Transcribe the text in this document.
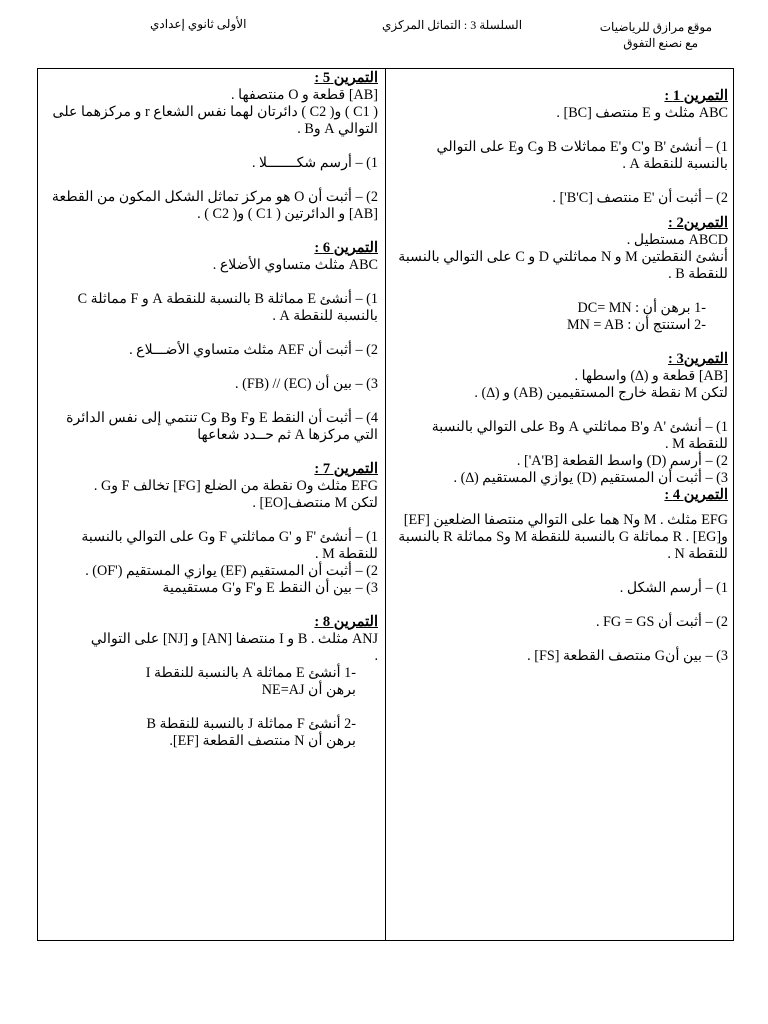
موقع مرازق للرياضيات
مع نصنع التفوق
السلسلة 3 : التماثل المركزي
الأولى ثانوي إعدادي
التمرين 1 :
ABC مثلث و E منتصف [BC] .
1) – أنشئ 'B و'C و'E مماثلات B وC وE على التوالي بالنسبة للنقطة A .
2) – أثبت أن 'E منتصف [B'C'] .
التمرين2 :
ABCD مستطيل .
أنشئ النقطتين M و N مماثلتي D و C على التوالي بالنسبة للنقطة B .
-1 برهن أن : DC= MN
-2 استنتج أن : MN = AB
التمرين3 :
[AB] قطعة و (∆) واسطها .
لتكن M نقطة خارج المستقيمين (AB) و (∆) .
1) – أنشئ 'A و'B مماثلتي A وB على التوالي بالنسبة للنقطة M .
2) – أرسم (D) واسط القطعة [A'B'] .
3) – أثبت أن المستقيم (D) يوازي المستقيم (∆) .
التمرين 4 :
EFG مثلث . M وN هما على التوالي منتصفا الضلعين [EF] و[EG] . R مماثلة G بالنسبة للنقطة M وS مماثلة R بالنسبة للنقطة N .
1) – أرسم الشكل .
2) – أثبت أن FG = GS .
3) – بين أنG منتصف القطعة [FS] .
التمرين 5 :
[AB] قطعة و O منتصفها .
( C1 ) و( C2 ) دائرتان لهما نفس الشعاع r و مركزهما على التوالي A وB .
1) – أرسم شكـــــــلا .
2) – أثبت أن O هو مركز تماثل الشكل المكون من القطعة [AB] و الدائرتين ( C1 ) و( C2 ) .
التمرين 6 :
ABC مثلث متساوي الأضلاع .
1) – أنشئ E مماثلة B بالنسبة للنقطة A و F مماثلة C بالنسبة للنقطة A .
2) – أثبت أن AEF مثلث متساوي الأضـــلاع .
3) – بين أن (EC) // (FB) .
4) – أثبت أن النقط E وF وB وC تنتمي إلى نفس الدائرة التي مركزها A ثم حــدد شعاعها
التمرين 7 :
EFG مثلث وO نقطة من الضلع [FG] تخالف F وG .
لتكن M منتصف[EO] .
1) – أنشئ 'F و 'G مماثلتي F وG على التوالي بالنسبة للنقطة M .
2) – أثبت أن المستقيم (EF) يوازي المستقيم ('OF) .
3) – بين أن النقط E و'F و'G مستقيمية
التمرين 8 :
ANJ مثلث . B و I منتصفا [AN] و [NJ] على التوالي
.
-1 أنشئ E مماثلة A بالنسبة للنقطة I
برهن أن NE=AJ
-2 أنشئ F مماثلة J بالنسبة للنقطة B
برهن أن N منتصف القطعة [EF].
